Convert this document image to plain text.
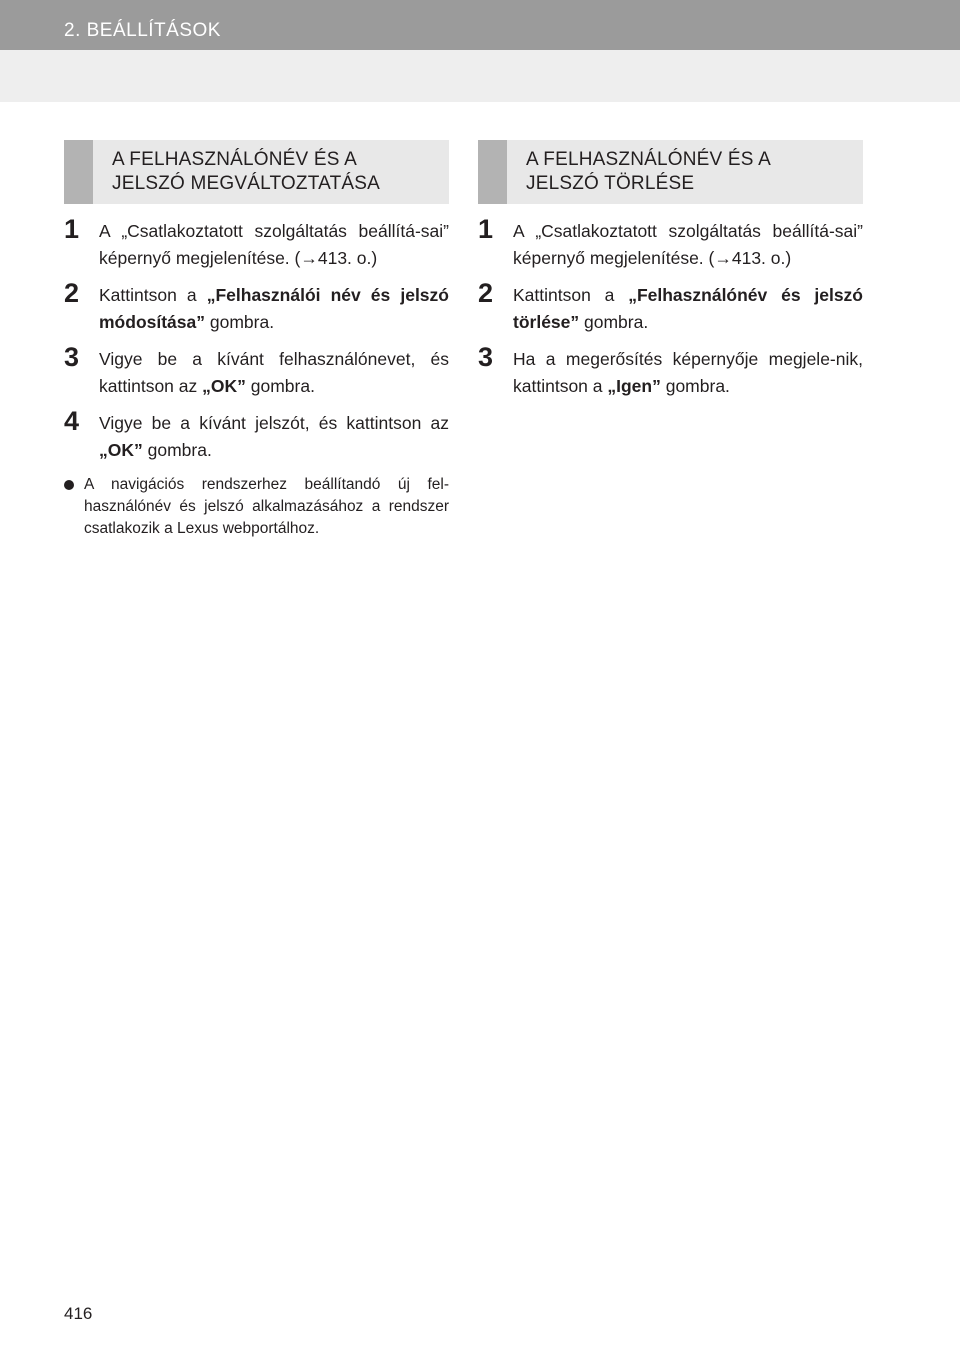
2. BEÁLLÍTÁSOK
A FELHASZNÁLÓNÉV ÉS A
JELSZÓ MEGVÁLTOZTATÁSA
1 A „Csatlakoztatott szolgáltatás beállítá-sai” képernyő megjelenítése. (→413. o.)
2 Kattintson a „Felhasználói név és jelszó módosítása” gombra.
3 Vigye be a kívánt felhasználónevet, és kattintson az „OK” gombra.
4 Vigye be a kívánt jelszót, és kattintson az „OK” gombra.
A navigációs rendszerhez beállítandó új fel-használónév és jelszó alkalmazásához a rendszer csatlakozik a Lexus webportálhoz.
A FELHASZNÁLÓNÉV ÉS A
JELSZÓ TÖRLÉSE
1 A „Csatlakoztatott szolgáltatás beállítá-sai” képernyő megjelenítése. (→413. o.)
2 Kattintson a „Felhasználónév és jelszó törlése” gombra.
3 Ha a megerősítés képernyője megjele-nik, kattintson a „Igen” gombra.
416
